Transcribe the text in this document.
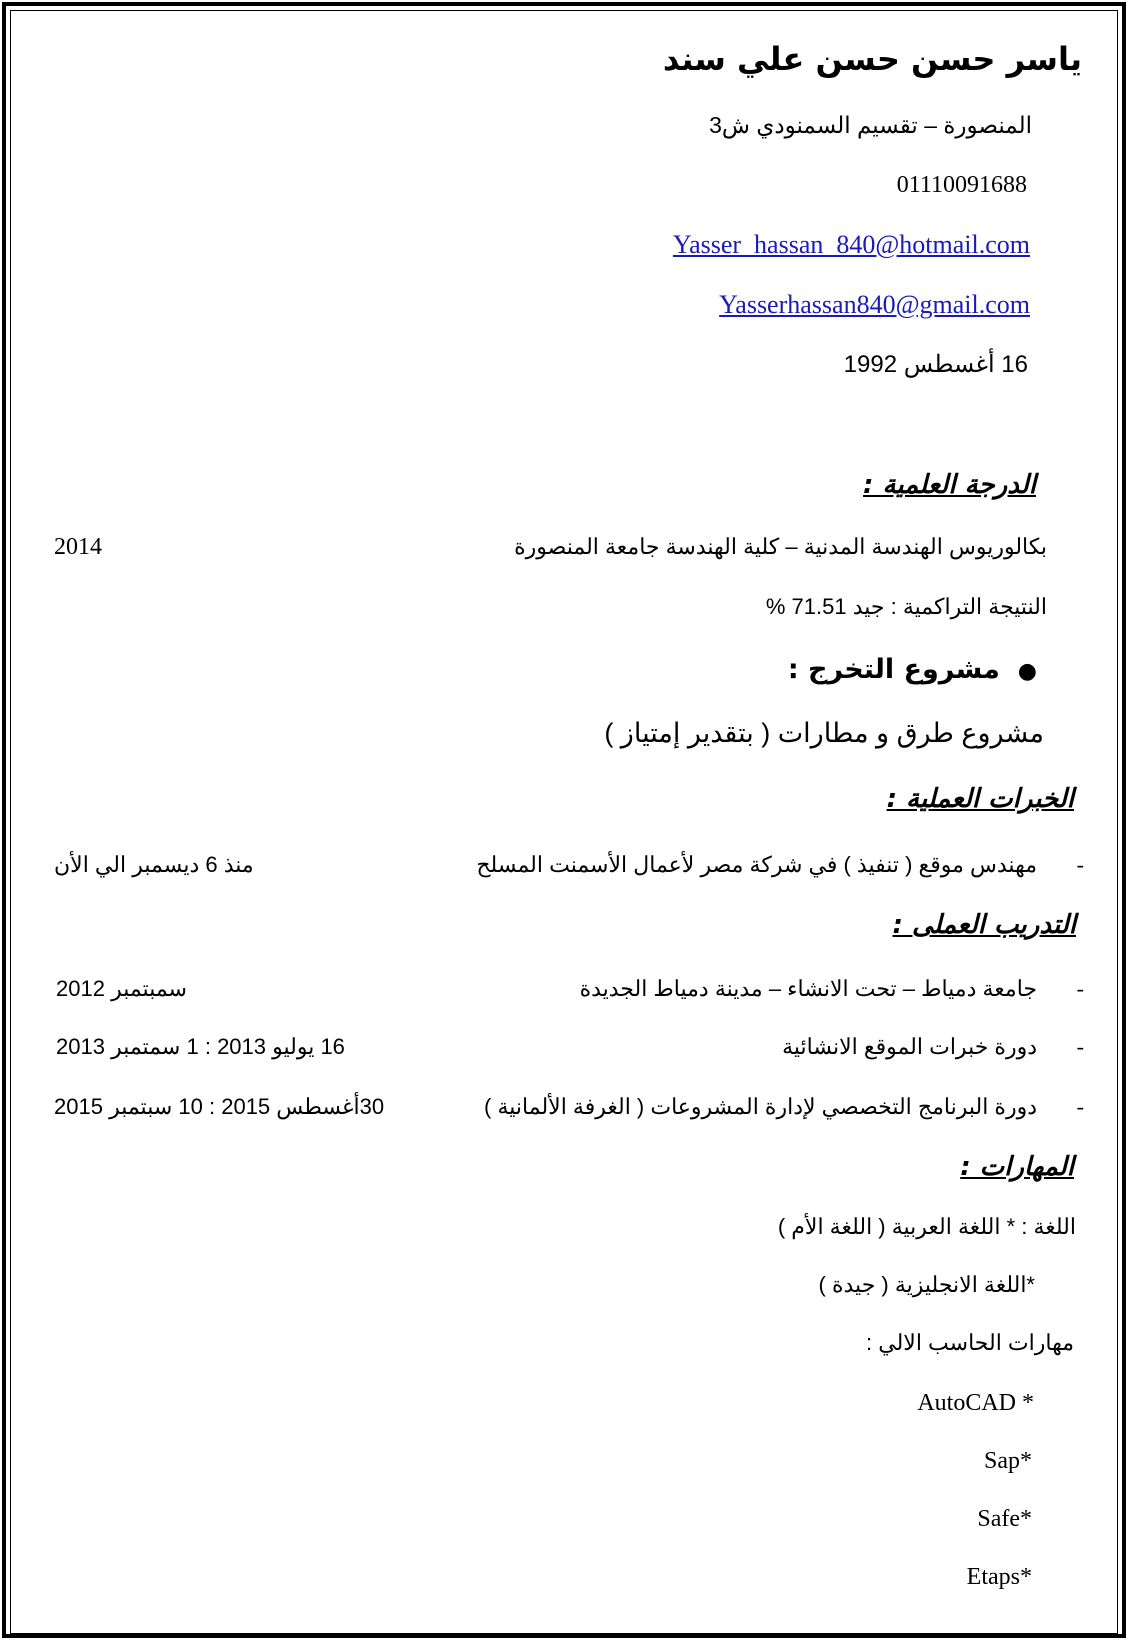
ياسر حسن حسن علي سند
المنصورة – تقسيم السمنودي ش3
01110091688
Yasser_hassan_840@hotmail.com
Yasserhassan840@gmail.com
16 أغسطس 1992
الدرجة العلمية :
بكالوريوس الهندسة المدنية – كلية الهندسة جامعة المنصورة
2014
النتيجة التراكمية : جيد 71.51 %
●مشروع التخرج :
مشروع طرق و مطارات ( بتقدير إمتياز )
الخبرات العملية :
-
مهندس موقع ( تنفيذ ) في شركة مصر لأعمال الأسمنت المسلح
منذ 6 ديسمبر الي الأن
التدريب العملى :
-
جامعة دمياط – تحت الانشاء – مدينة دمياط الجديدة
سمبتمبر 2012
-
دورة خبرات الموقع الانشائية
16 يوليو 2013 : 1 سمتمبر 2013
-
دورة البرنامج التخصصي لإدارة المشروعات ( الغرفة الألمانية )
30أغسطس 2015 : 10 سبتمبر 2015
المهارات :
اللغة : * اللغة العربية ( اللغة الأم )
*اللغة الانجليزية ( جيدة )
مهارات الحاسب الالي :
AutoCAD *
Sap*
Safe*
Etaps*
